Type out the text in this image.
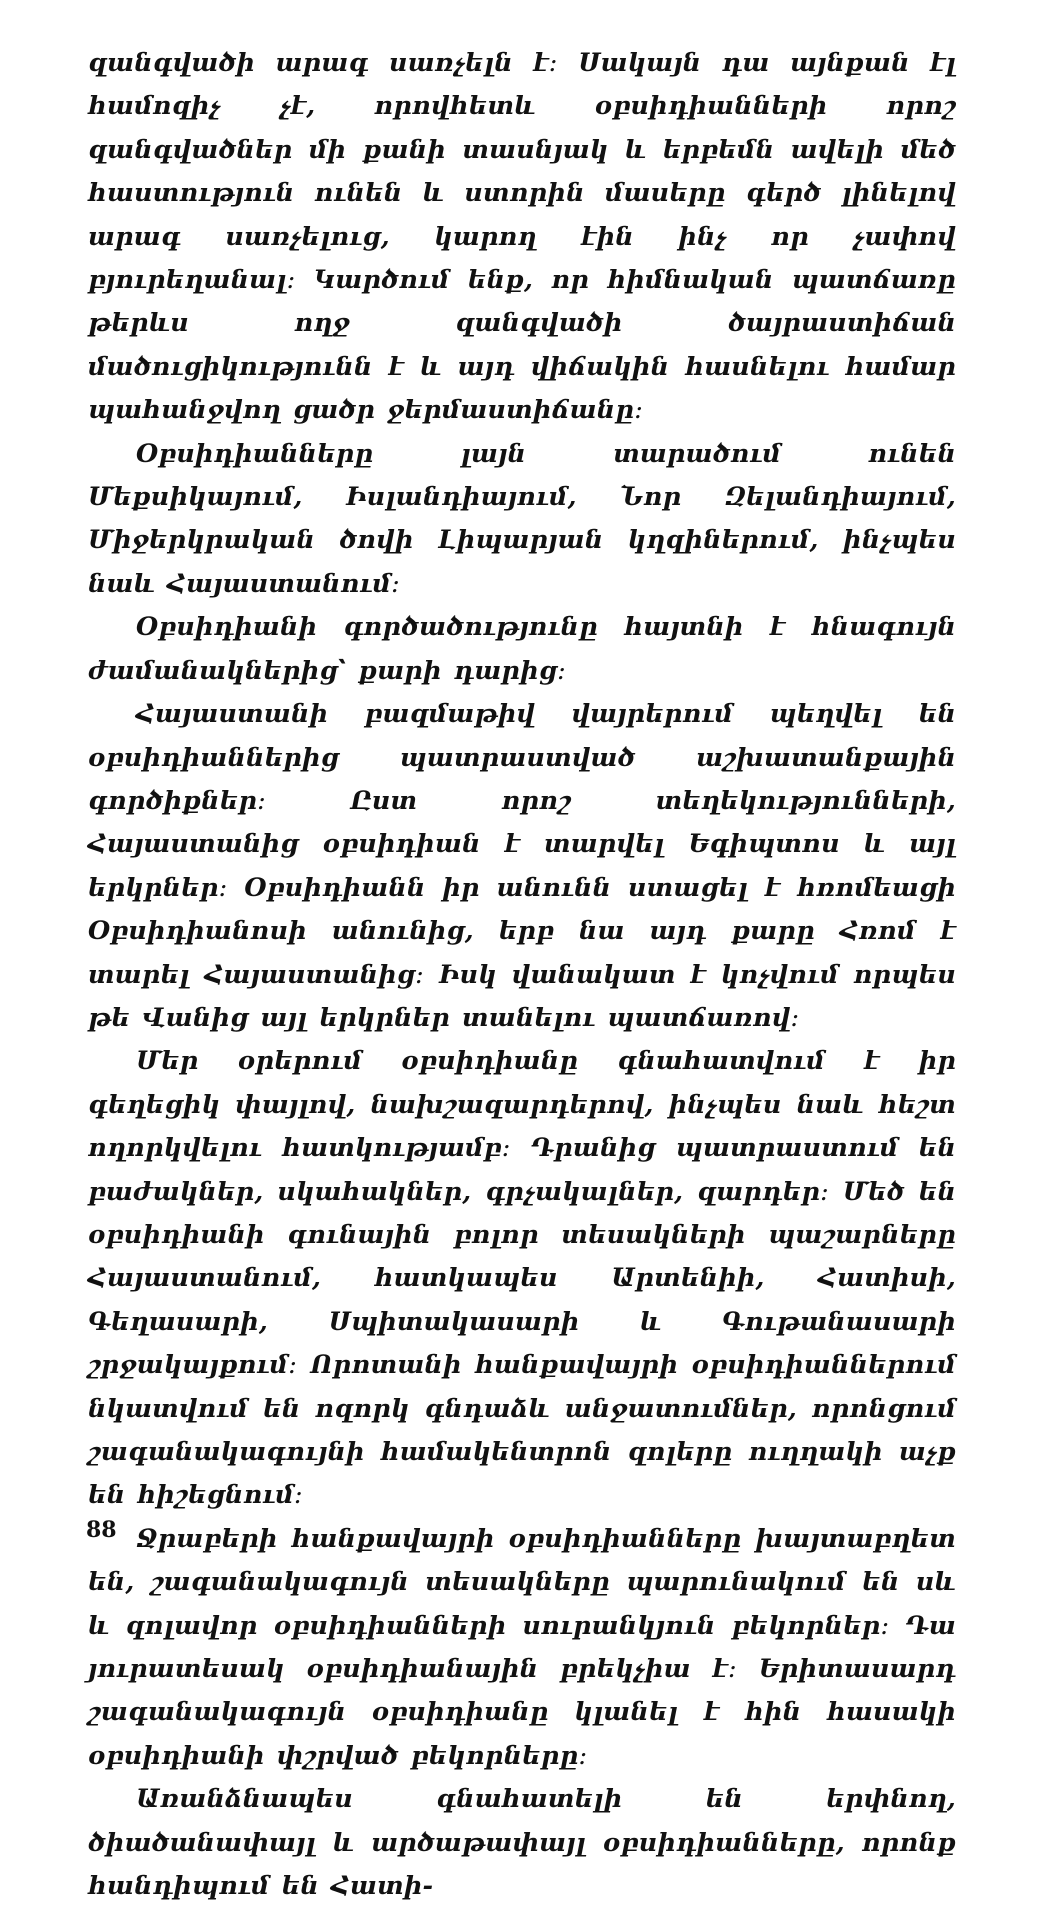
զանգվածի արագ սառչելն է։ Սակայն դա այնքան էլ համոզիչ չէ, որովհետև օբսիդիանների որոշ զանգվածներ մի քանի տասնյակ և երբեմն ավելի մեծ հաստություն ունեն և ստորին մասերը գերծ լինելով արագ սառչելուց, կարող էին ինչ որ չափով բյուրեղանալ։ Կարծում ենք, որ հիմնական պատճառը թերևս ողջ զանգվածի ծայրաստիճան մածուցիկությունն է և այդ վիճակին հասնելու համար պահանջվող ցածր ջերմաստիճանը։

Օբսիդիանները լայն տարածում ունեն Մեքսիկայում, Իսլանդիայում, Նոր Զելանդիայում, Միջերկրական ծովի Լիպարյան կղզիներում, ինչպես նաև Հայաստանում։

Օբսիդիանի գործածությունը հայտնի է հնագույն ժամանակներից՝ քարի դարից։

Հայաստանի բազմաթիվ վայրերում պեղվել են օբսիդիաններից պատրաստված աշխատանքային գործիքներ։ Ըստ որոշ տեղեկությունների, Հայաստանից օբսիդիան է տարվել Եգիպտոս և այլ երկրներ։ Օբսիդիանն իր անունն ստացել է հռոմեացի Օբսիդիանոսի անունից, երբ նա այդ քարը Հռոմ է տարել Հայաստանից։ Իսկ վանակատ է կոչվում որպես թե Վանից այլ երկրներ տանելու պատճառով։

Մեր օրերում օբսիդիանը գնահատվում է իր գեղեցիկ փայլով, նախշազարդերով, ինչպես նաև հեշտ ողորկվելու հատկությամբ։ Դրանից պատրաստում են բաժակներ, սկահակներ, գրչակալներ, զարդեր։ Մեծ են օբսիդիանի գունային բոլոր տեսակների պաշարները Հայաստանում, հատկապես Արտենիի, Հատիսի, Գեղասարի, Սպիտակասարի և Գութանասարի շրջակայքում։ Որոտանի հանքավայրի օբսիդիաններում նկատվում են ոզորկ գնդաձև անջատումներ, որոնցում շագանակագույնի համակենտրոն զոլերը ուղղակի աչք են հիշեցնում։

Ջրաբերի հանքավայրի օբսիդիանները խայտաբղետ են, շագանակագույն տեսակները պարունակում են սև և զոլավոր օբսիդիանների սուրանկյուն բեկորներ։ Դա յուրատեսակ օբսիդիանային բրեկչիա է։ Երիտասարդ շագանակագույն օբսիդիանը կլանել է հին հասակի օբսիդիանի փշրված բեկորները։

Առանձնապես գնահատելի են երփնող, ծիածանափայլ և արծաթափայլ օբսիդիանները, որոնք հանդիպում են Հատի-

88
